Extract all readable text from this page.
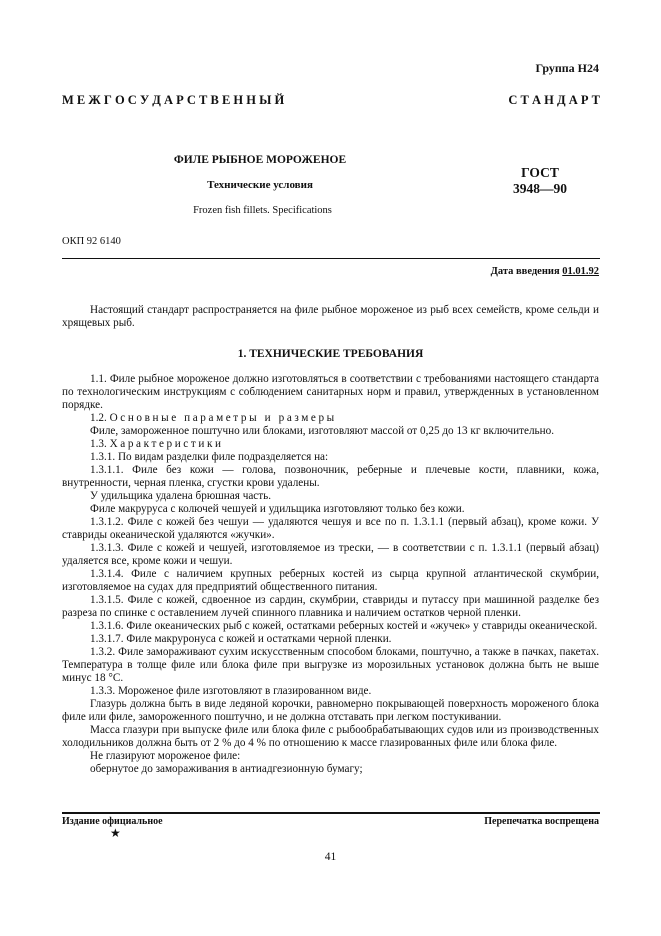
Группа Н24
М Е Ж Г О С У Д А Р С Т В Е Н Н Ы Й	С Т А Н Д А Р Т
ФИЛЕ РЫБНОЕ МОРОЖЕНОЕ
Технические условия
Frozen fish fillets. Specifications
ГОСТ
3948—90
ОКП 92 6140
Дата введения 01.01.92

Настоящий стандарт распространяется на филе рыбное мороженое из рыб всех семейств, кроме сельди и хрящевых рыб.

1. ТЕХНИЧЕСКИЕ ТРЕБОВАНИЯ

1.1. Филе рыбное мороженое должно изготовляться в соответствии с требованиями настоящего стандарта по технологическим инструкциям с соблюдением санитарных норм и правил, утвержденных в установленном порядке.

1.2. Основные параметры и размеры

Филе, замороженное поштучно или блоками, изготовляют массой от 0,25 до 13 кг включительно.

1.3. Характеристики

1.3.1. По видам разделки филе подразделяется на:

1.3.1.1. Филе без кожи — голова, позвоночник, реберные и плечевые кости, плавники, кожа, внутренности, черная пленка, сгустки крови удалены.

У удильщика удалена брюшная часть.

Филе макруруса с колючей чешуей и удильщика изготовляют только без кожи.

1.3.1.2. Филе с кожей без чешуи — удаляются чешуя и все по п. 1.3.1.1 (первый абзац), кроме кожи. У ставриды океанической удаляются «жучки».

1.3.1.3. Филе с кожей и чешуей, изготовляемое из трески, — в соответствии с п. 1.3.1.1 (первый абзац) удаляется все, кроме кожи и чешуи.

1.3.1.4. Филе с наличием крупных реберных костей из сырца крупной атлантической скумбрии, изготовляемое на судах для предприятий общественного питания.

1.3.1.5. Филе с кожей, сдвоенное из сардин, скумбрии, ставриды и путассу при машинной разделке без разреза по спинке с оставлением лучей спинного плавника и наличием остатков черной пленки.

1.3.1.6. Филе океанических рыб с кожей, остатками реберных костей и «жучек» у ставриды океанической.

1.3.1.7. Филе макруронуса с кожей и остатками черной пленки.

1.3.2. Филе замораживают сухим искусственным способом блоками, поштучно, а также в пачках, пакетах. Температура в толще филе или блока филе при выгрузке из морозильных установок должна быть не выше минус 18 °С.

1.3.3. Мороженое филе изготовляют в глазированном виде.

Глазурь должна быть в виде ледяной корочки, равномерно покрывающей поверхность мороженого блока филе или филе, замороженного поштучно, и не должна отставать при легком постукивании.

Масса глазури при выпуске филе или блока филе с рыбообрабатывающих судов или из производственных холодильников должна быть от 2 % до 4 % по отношению к массе глазированных филе или блока филе.

Не глазируют мороженое филе:

обернутое до замораживания в антиадгезионную бумагу;

Издание официальное
★
Перепечатка воспрещена
41
